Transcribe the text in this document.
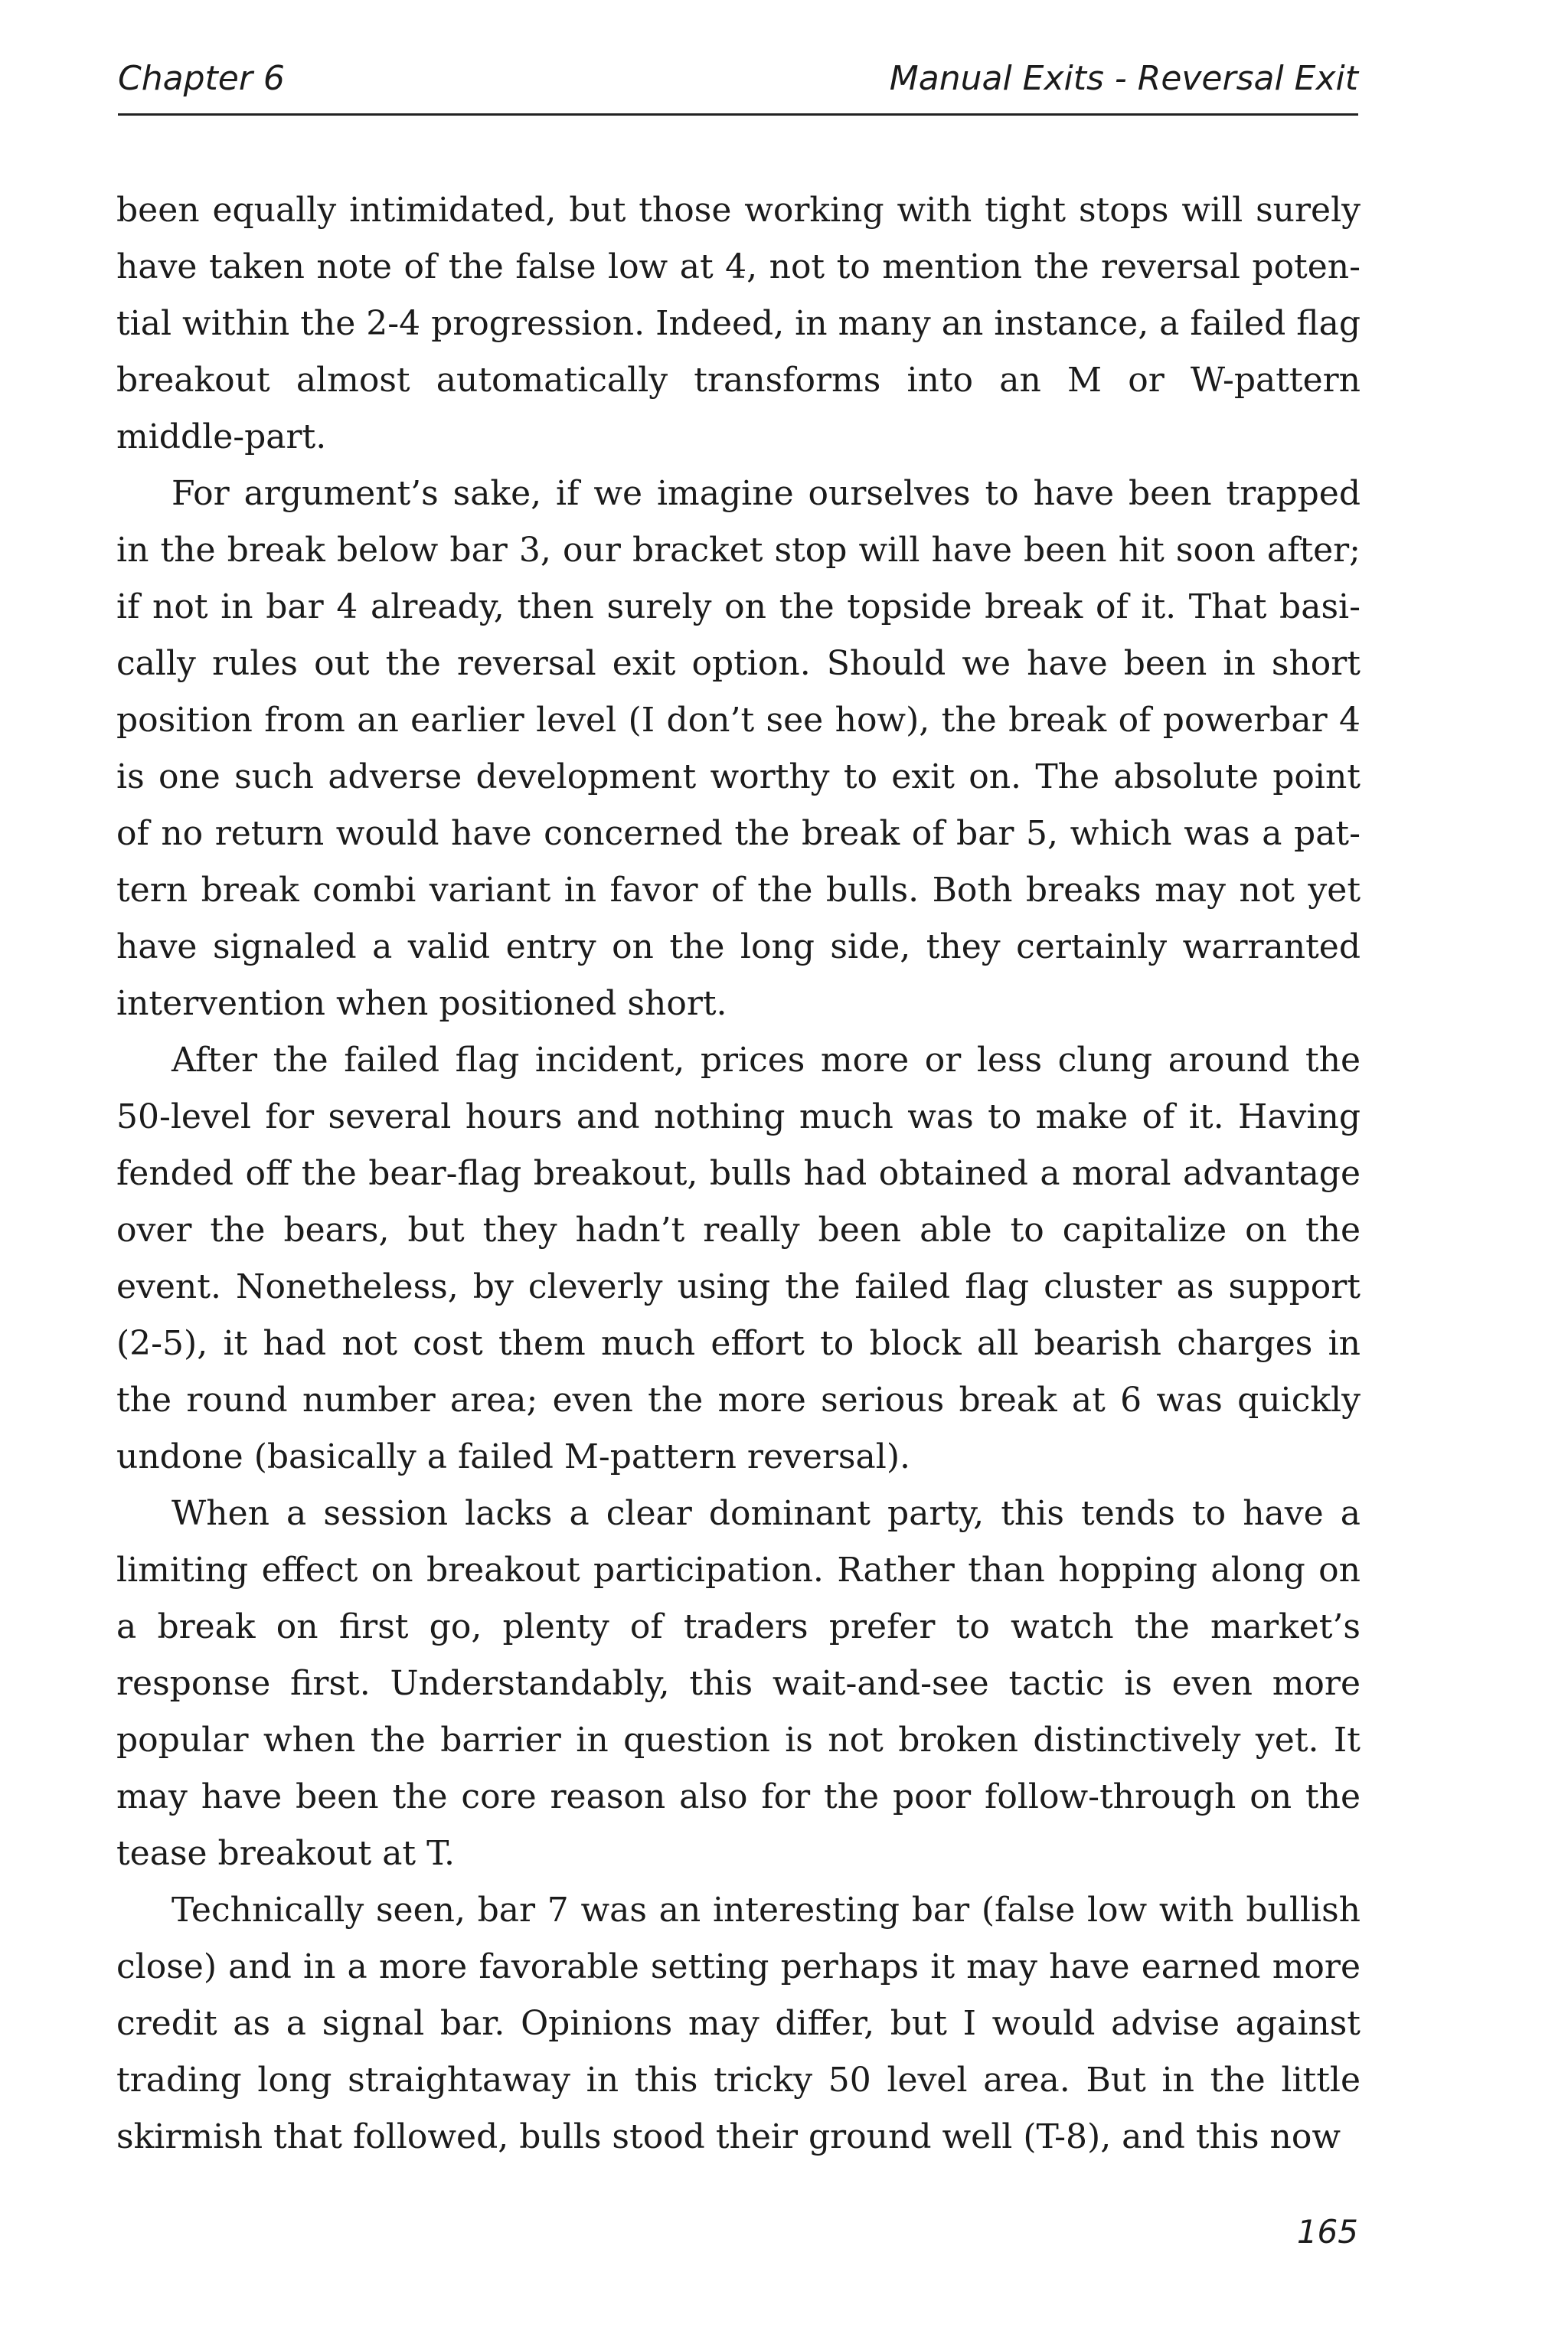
Chapter 6	Manual Exits - Reversal Exit

been equally intimidated, but those working with tight stops will surely have taken note of the false low at 4, not to mention the reversal potential within the 2-4 progression. Indeed, in many an instance, a failed flag breakout almost automatically transforms into an M or W-pattern middle-part.

For argument’s sake, if we imagine ourselves to have been trapped in the break below bar 3, our bracket stop will have been hit soon after; if not in bar 4 already, then surely on the topside break of it. That basically rules out the reversal exit option. Should we have been in short position from an earlier level (I don’t see how), the break of powerbar 4 is one such adverse development worthy to exit on. The absolute point of no return would have concerned the break of bar 5, which was a pattern break combi variant in favor of the bulls. Both breaks may not yet have signaled a valid entry on the long side, they certainly warranted intervention when positioned short.

After the failed flag incident, prices more or less clung around the 50-level for several hours and nothing much was to make of it. Having fended off the bear-flag breakout, bulls had obtained a moral advantage over the bears, but they hadn’t really been able to capitalize on the event. Nonetheless, by cleverly using the failed flag cluster as support (2-5), it had not cost them much effort to block all bearish charges in the round number area; even the more serious break at 6 was quickly undone (basically a failed M-pattern reversal).

When a session lacks a clear dominant party, this tends to have a limiting effect on breakout participation. Rather than hopping along on a break on first go, plenty of traders prefer to watch the market’s response first. Understandably, this wait-and-see tactic is even more popular when the barrier in question is not broken distinctively yet. It may have been the core reason also for the poor follow-through on the tease breakout at T.

Technically seen, bar 7 was an interesting bar (false low with bullish close) and in a more favorable setting perhaps it may have earned more credit as a signal bar. Opinions may differ, but I would advise against trading long straightaway in this tricky 50 level area. But in the little skirmish that followed, bulls stood their ground well (T-8), and this now

165
